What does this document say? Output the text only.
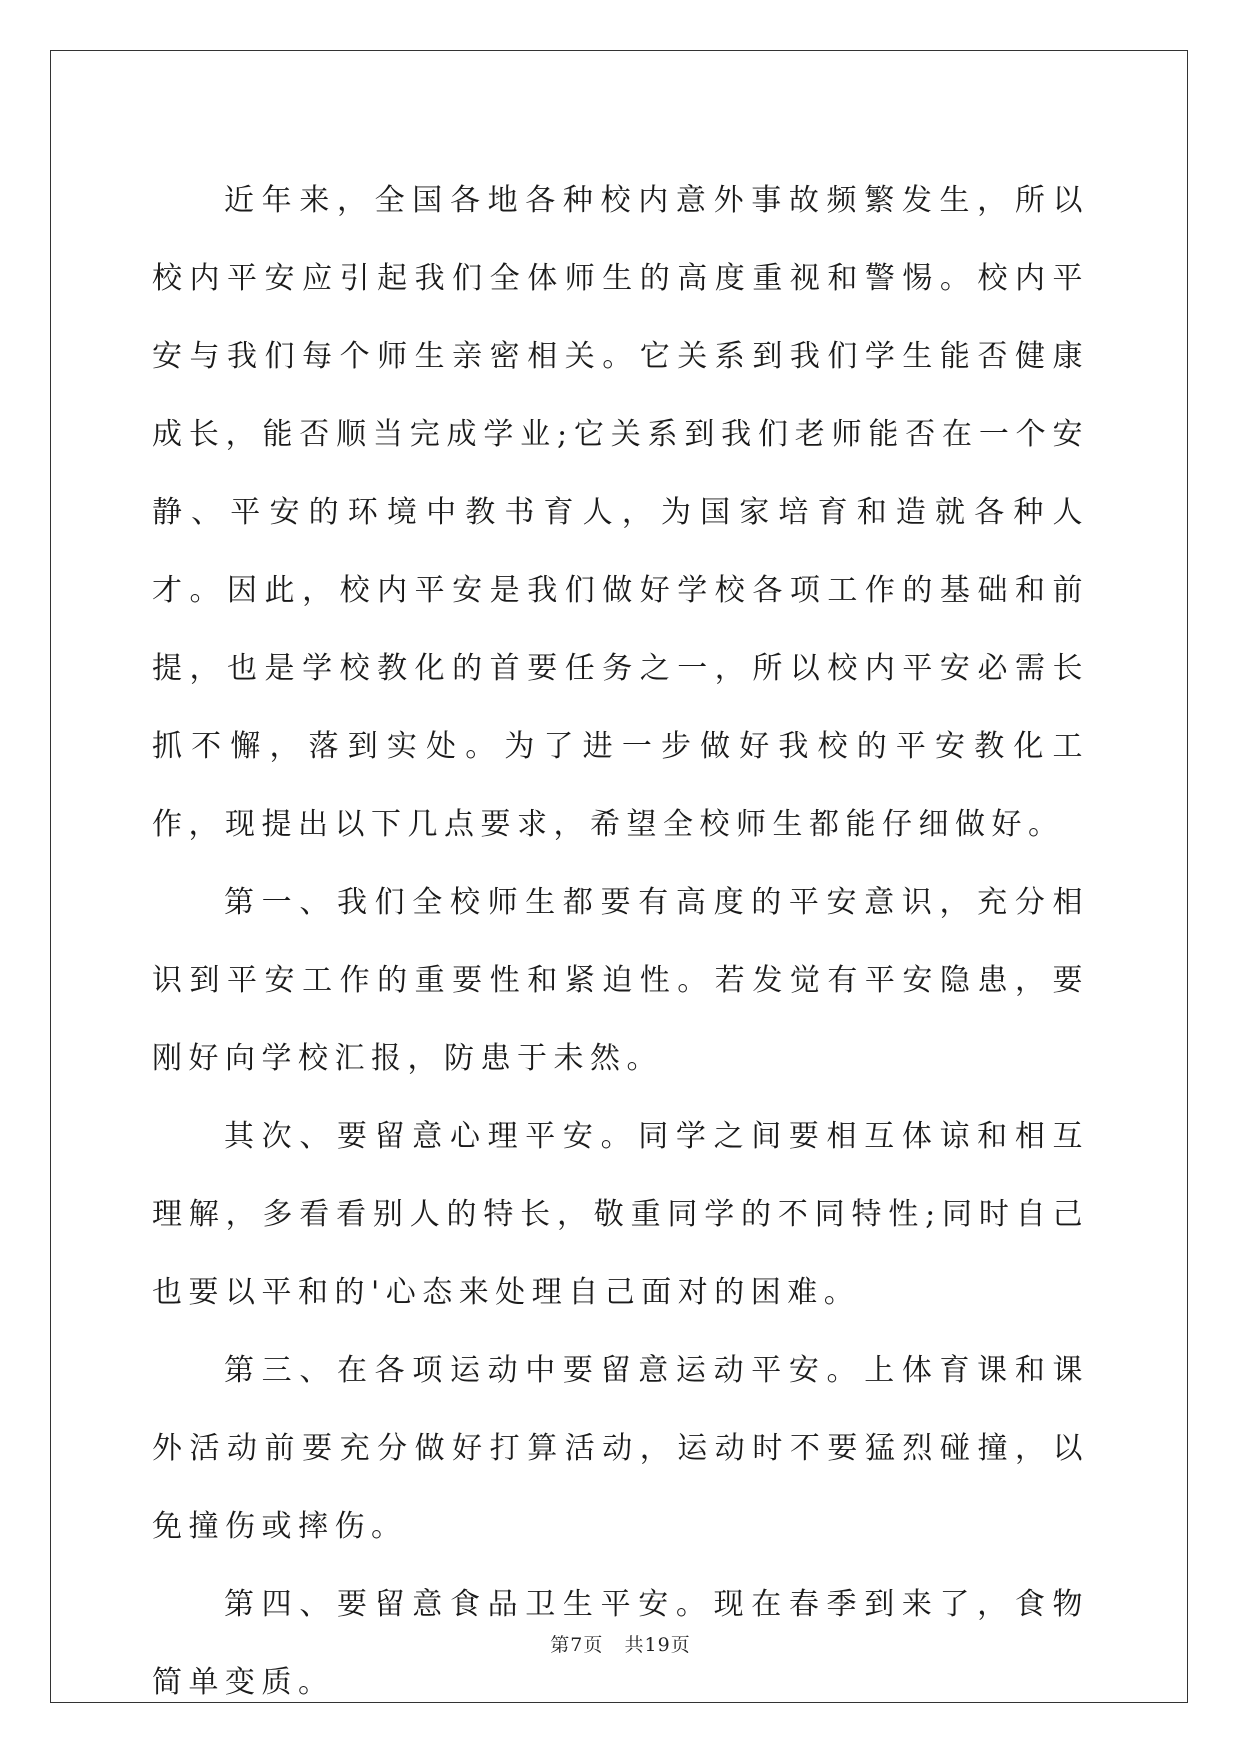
近年来，全国各地各种校内意外事故频繁发生，所以校内平安应引起我们全体师生的高度重视和警惕。校内平安与我们每个师生亲密相关。它关系到我们学生能否健康成长，能否顺当完成学业;它关系到我们老师能否在一个安静、平安的环境中教书育人，为国家培育和造就各种人才。因此，校内平安是我们做好学校各项工作的基础和前提，也是学校教化的首要任务之一，所以校内平安必需长抓不懈，落到实处。为了进一步做好我校的平安教化工作，现提出以下几点要求，希望全校师生都能仔细做好。

第一、我们全校师生都要有高度的平安意识，充分相识到平安工作的重要性和紧迫性。若发觉有平安隐患，要刚好向学校汇报，防患于未然。

其次、要留意心理平安。同学之间要相互体谅和相互理解，多看看别人的特长，敬重同学的不同特性;同时自己也要以平和的'心态来处理自己面对的困难。

第三、在各项运动中要留意运动平安。上体育课和课外活动前要充分做好打算活动，运动时不要猛烈碰撞，以免撞伤或摔伤。

第四、要留意食品卫生平安。现在春季到来了，食物简单变质。

第7页 共19页
